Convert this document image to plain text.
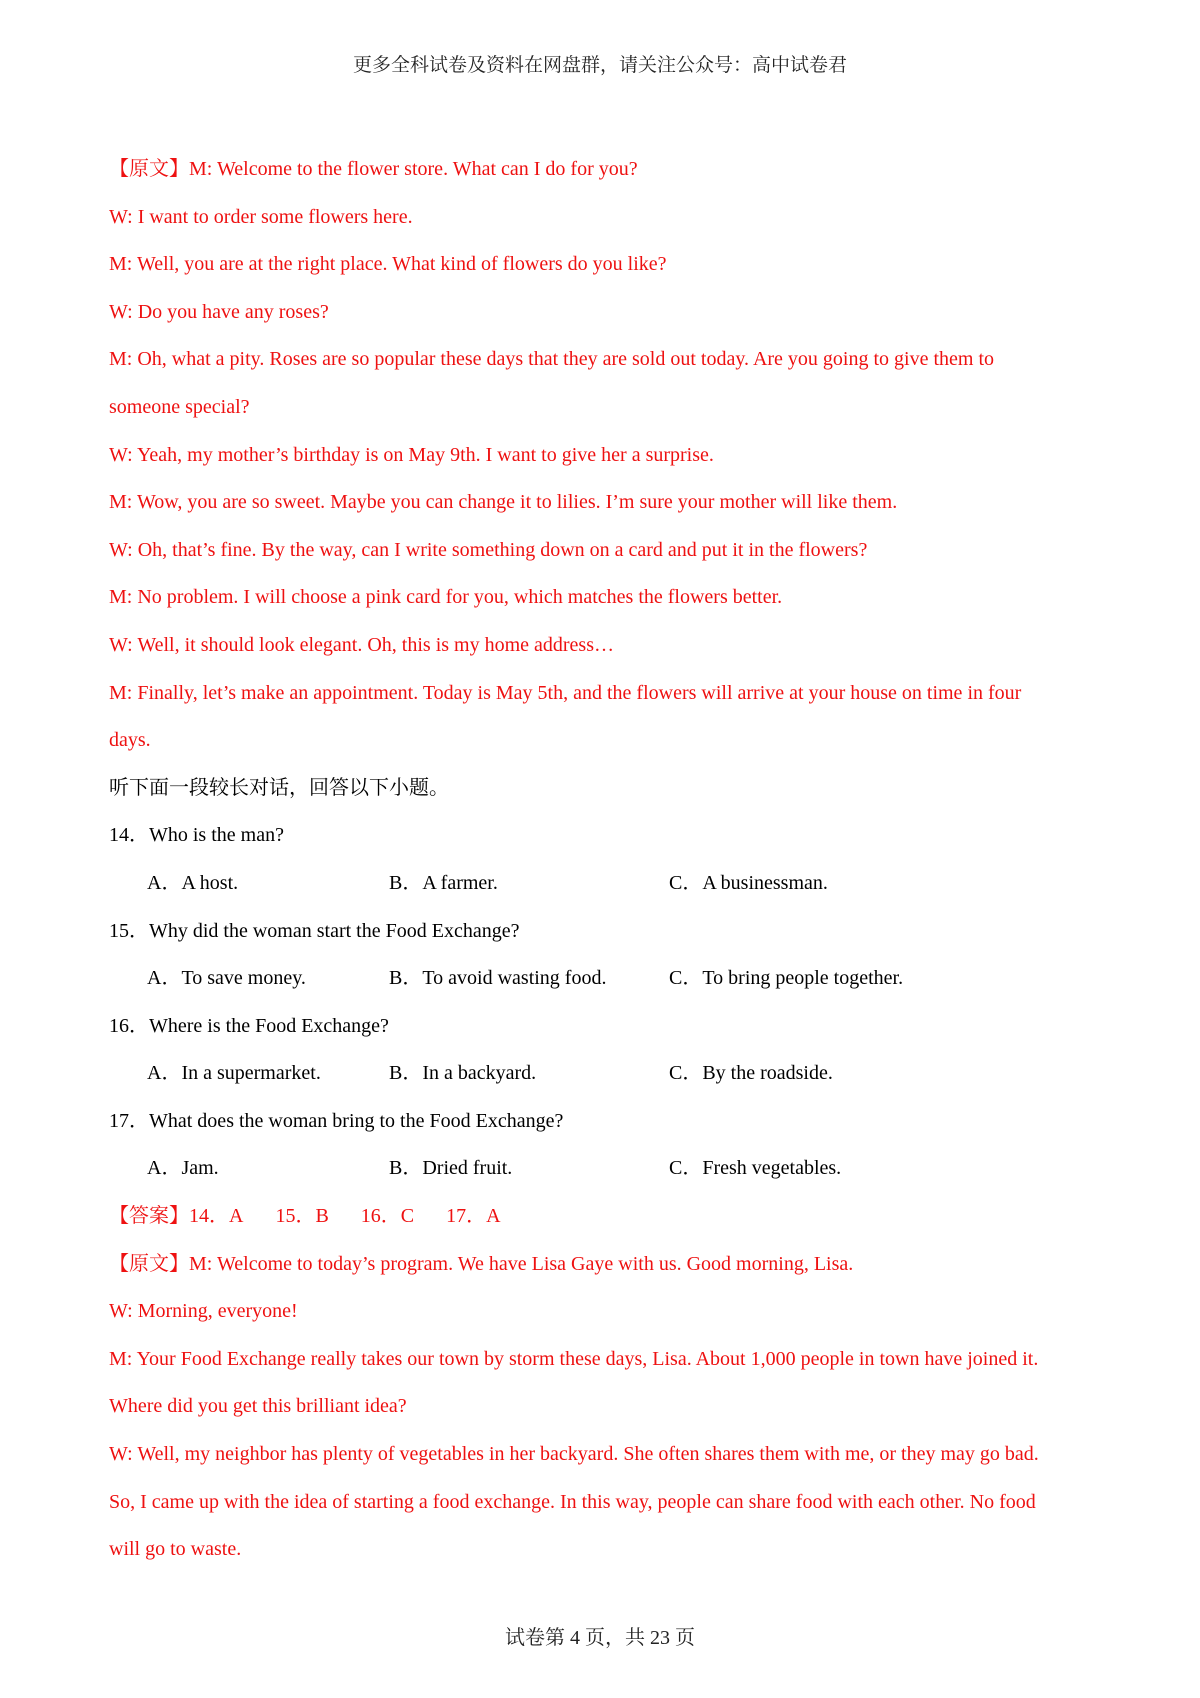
更多全科试卷及资料在网盘群，请关注公众号：高中试卷君
【原文】M: Welcome to the flower store. What can I do for you?
W: I want to order some flowers here.
M: Well, you are at the right place. What kind of flowers do you like?
W: Do you have any roses?
M: Oh, what a pity. Roses are so popular these days that they are sold out today. Are you going to give them to
someone special?
W: Yeah, my mother’s birthday is on May 9th. I want to give her a surprise.
M: Wow, you are so sweet. Maybe you can change it to lilies. I’m sure your mother will like them.
W: Oh, that’s fine. By the way, can I write something down on a card and put it in the flowers?
M: No problem. I will choose a pink card for you, which matches the flowers better.
W: Well, it should look elegant. Oh, this is my home address…
M: Finally, let’s make an appointment. Today is May 5th, and the flowers will arrive at your house on time in four
days.
听下面一段较长对话，回答以下小题。
14．Who is the man?
A．A host.	B．A farmer.	C．A businessman.
15．Why did the woman start the Food Exchange?
A．To save money.	B．To avoid wasting food.	C．To bring people together.
16．Where is the Food Exchange?
A．In a supermarket.	B．In a backyard.	C．By the roadside.
17．What does the woman bring to the Food Exchange?
A．Jam.	B．Dried fruit.	C．Fresh vegetables.
【答案】14．A 15．B 16．C 17．A
【原文】M: Welcome to today’s program. We have Lisa Gaye with us. Good morning, Lisa.
W: Morning, everyone!
M: Your Food Exchange really takes our town by storm these days, Lisa. About 1,000 people in town have joined it.
Where did you get this brilliant idea?
W: Well, my neighbor has plenty of vegetables in her backyard. She often shares them with me, or they may go bad.
So, I came up with the idea of starting a food exchange. In this way, people can share food with each other. No food
will go to waste.
试卷第 4 页，共 23 页
